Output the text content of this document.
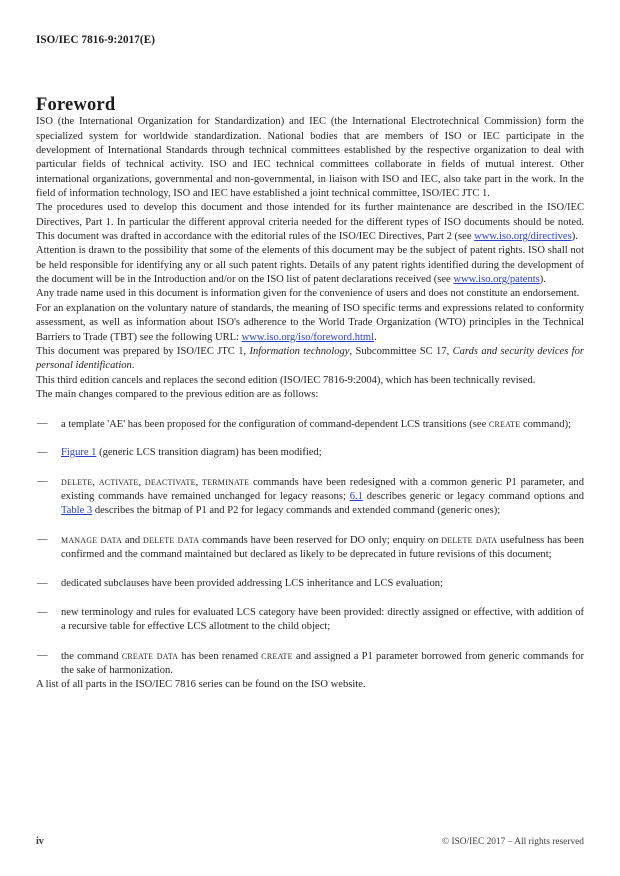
ISO/IEC 7816-9:2017(E)
Foreword

ISO (the International Organization for Standardization) and IEC (the International Electrotechnical Commission) form the specialized system for worldwide standardization. National bodies that are members of ISO or IEC participate in the development of International Standards through technical committees established by the respective organization to deal with particular fields of technical activity. ISO and IEC technical committees collaborate in fields of mutual interest. Other international organizations, governmental and non-governmental, in liaison with ISO and IEC, also take part in the work. In the field of information technology, ISO and IEC have established a joint technical committee, ISO/IEC JTC 1.

The procedures used to develop this document and those intended for its further maintenance are described in the ISO/IEC Directives, Part 1. In particular the different approval criteria needed for the different types of ISO documents should be noted. This document was drafted in accordance with the editorial rules of the ISO/IEC Directives, Part 2 (see www.iso.org/directives).

Attention is drawn to the possibility that some of the elements of this document may be the subject of patent rights. ISO shall not be held responsible for identifying any or all such patent rights. Details of any patent rights identified during the development of the document will be in the Introduction and/or on the ISO list of patent declarations received (see www.iso.org/patents).

Any trade name used in this document is information given for the convenience of users and does not constitute an endorsement.

For an explanation on the voluntary nature of standards, the meaning of ISO specific terms and expressions related to conformity assessment, as well as information about ISO's adherence to the World Trade Organization (WTO) principles in the Technical Barriers to Trade (TBT) see the following URL: www.iso.org/iso/foreword.html.

This document was prepared by ISO/IEC JTC 1, Information technology, Subcommittee SC 17, Cards and security devices for personal identification.

This third edition cancels and replaces the second edition (ISO/IEC 7816-9:2004), which has been technically revised.

The main changes compared to the previous edition are as follows:

—	a template 'AE' has been proposed for the configuration of command-dependent LCS transitions (see create command);
—	Figure 1 (generic LCS transition diagram) has been modified;
—	delete, activate, deactivate, terminate commands have been redesigned with a common generic P1 parameter, and existing commands have remained unchanged for legacy reasons; 6.1 describes generic or legacy command options and Table 3 describes the bitmap of P1 and P2 for legacy commands and extended command (generic ones);
—	manage data and delete data commands have been reserved for DO only; enquiry on delete data usefulness has been confirmed and the command maintained but declared as likely to be deprecated in future revisions of this document;
—	dedicated subclauses have been provided addressing LCS inheritance and LCS evaluation;
—	new terminology and rules for evaluated LCS category have been provided: directly assigned or effective, with addition of a recursive table for effective LCS allotment to the child object;
—	the command create data has been renamed create and assigned a P1 parameter borrowed from generic commands for the sake of harmonization.

A list of all parts in the ISO/IEC 7816 series can be found on the ISO website.

iv	© ISO/IEC 2017 – All rights reserved
